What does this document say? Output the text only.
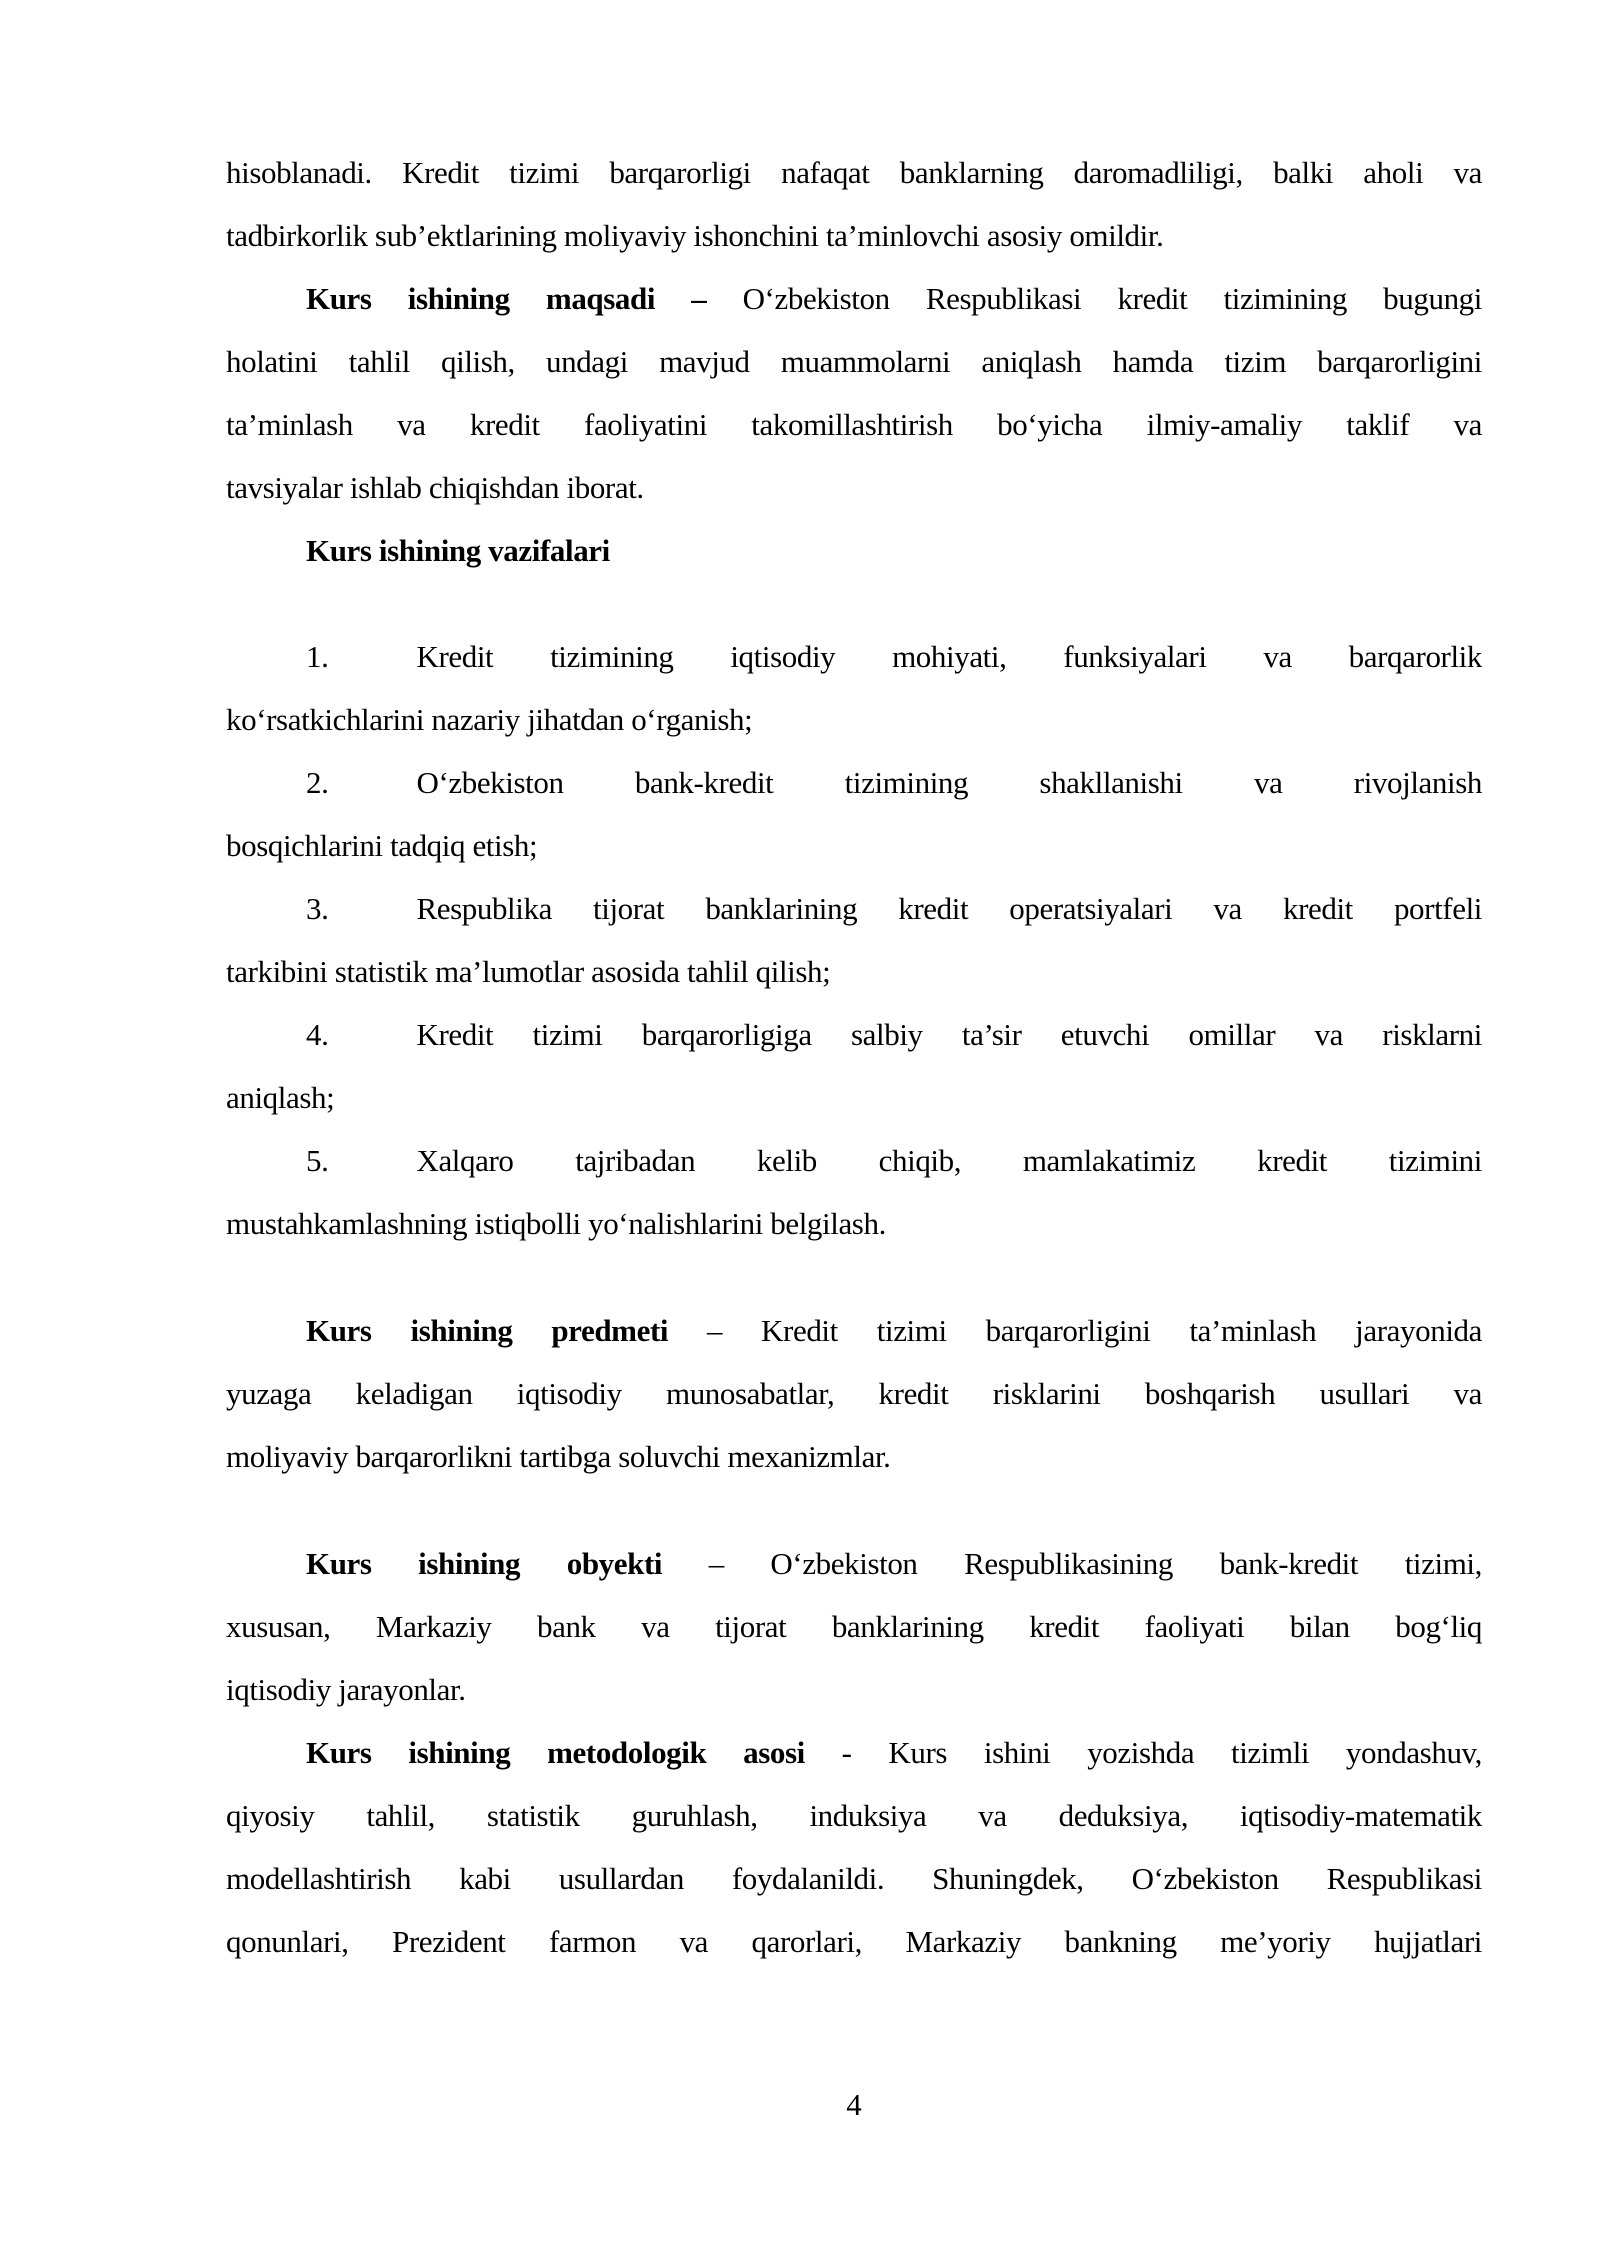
hisoblanadi. Kredit tizimi barqarorligi nafaqat banklarning daromadliligi, balki aholi va
tadbirkorlik sub’ektlarining moliyaviy ishonchini ta’minlovchi asosiy omildir.
Kurs ishining maqsadi – O‘zbekiston Respublikasi kredit tizimining bugungi
holatini tahlil qilish, undagi mavjud muammolarni aniqlash hamda tizim barqarorligini
ta’minlash va kredit faoliyatini takomillashtirish bo‘yicha ilmiy-amaliy taklif va
tavsiyalar ishlab chiqishdan iborat.
Kurs ishining vazifalari
1.	Kredit tizimining iqtisodiy mohiyati, funksiyalari va barqarorlik
ko‘rsatkichlarini nazariy jihatdan o‘rganish;
2.	O‘zbekiston bank-kredit tizimining shakllanishi va rivojlanish
bosqichlarini tadqiq etish;
3.	Respublika tijorat banklarining kredit operatsiyalari va kredit portfeli
tarkibini statistik ma’lumotlar asosida tahlil qilish;
4.	Kredit tizimi barqarorligiga salbiy ta’sir etuvchi omillar va risklarni
aniqlash;
5.	Xalqaro tajribadan kelib chiqib, mamlakatimiz kredit tizimini
mustahkamlashning istiqbolli yo‘nalishlarini belgilash.
Kurs ishining predmeti – Kredit tizimi barqarorligini ta’minlash jarayonida
yuzaga keladigan iqtisodiy munosabatlar, kredit risklarini boshqarish usullari va
moliyaviy barqarorlikni tartibga soluvchi mexanizmlar.
Kurs ishining obyekti – O‘zbekiston Respublikasining bank-kredit tizimi,
xususan, Markaziy bank va tijorat banklarining kredit faoliyati bilan bog‘liq
iqtisodiy jarayonlar.
Kurs ishining metodologik asosi - Kurs ishini yozishda tizimli yondashuv,
qiyosiy tahlil, statistik guruhlash, induksiya va deduksiya, iqtisodiy-matematik
modellashtirish kabi usullardan foydalanildi. Shuningdek, O‘zbekiston Respublikasi
qonunlari, Prezident farmon va qarorlari, Markaziy bankning me’yoriy hujjatlari
4
